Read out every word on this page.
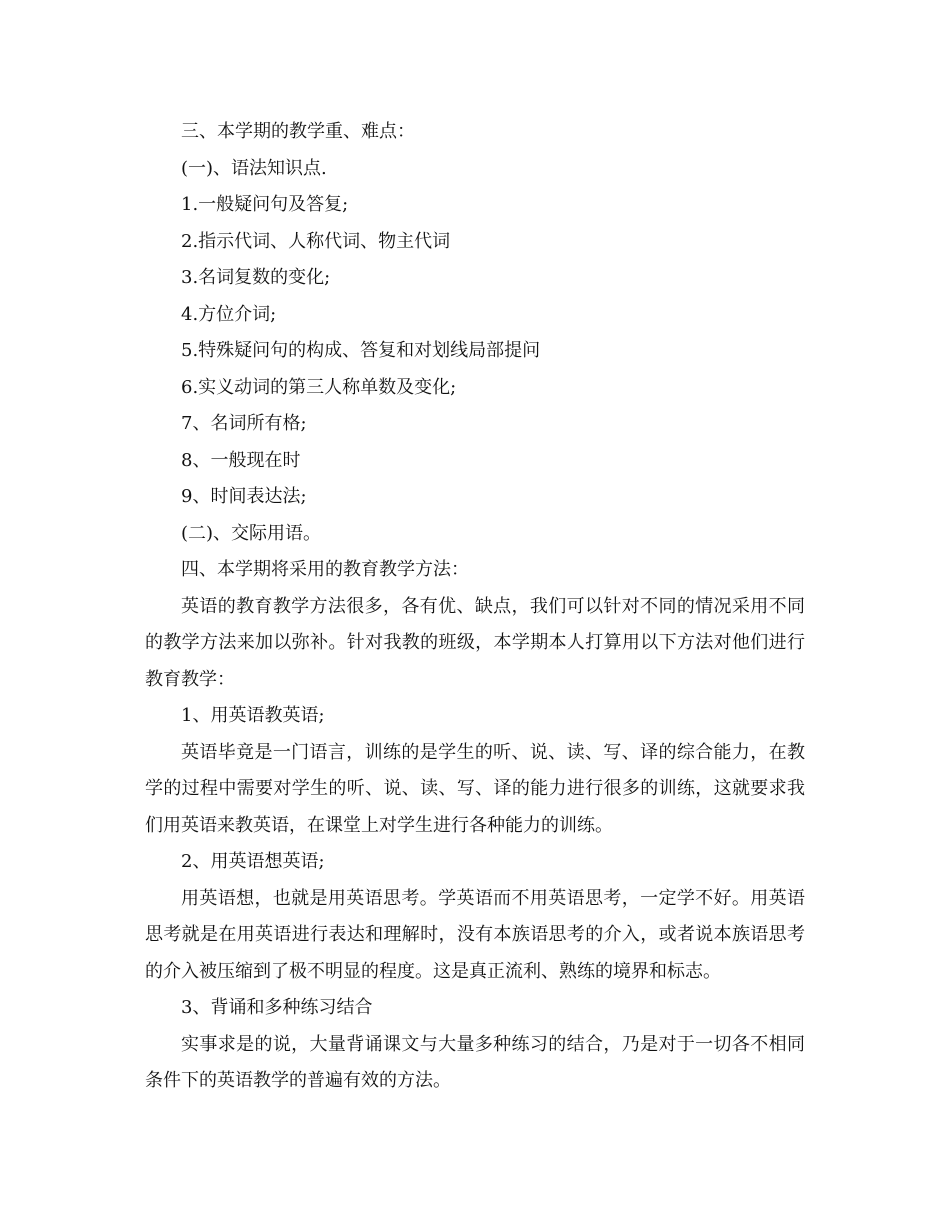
三、本学期的教学重、难点：

(一)、语法知识点.

1.一般疑问句及答复;

2.指示代词、人称代词、物主代词

3.名词复数的变化;

4.方位介词;

5.特殊疑问句的构成、答复和对划线局部提问

6.实义动词的第三人称单数及变化;

7、名词所有格;

8、一般现在时

9、时间表达法;

(二)、交际用语。

四、本学期将采用的教育教学方法：

英语的教育教学方法很多，各有优、缺点，我们可以针对不同的情况采用不同的教学方法来加以弥补。针对我教的班级，本学期本人打算用以下方法对他们进行教育教学：

1、用英语教英语;

英语毕竟是一门语言，训练的是学生的听、说、读、写、译的综合能力，在教学的过程中需要对学生的听、说、读、写、译的能力进行很多的训练，这就要求我们用英语来教英语，在课堂上对学生进行各种能力的训练。

2、用英语想英语;

用英语想，也就是用英语思考。学英语而不用英语思考，一定学不好。用英语思考就是在用英语进行表达和理解时，没有本族语思考的介入，或者说本族语思考的介入被压缩到了极不明显的程度。这是真正流利、熟练的境界和标志。

3、背诵和多种练习结合

实事求是的说，大量背诵课文与大量多种练习的结合，乃是对于一切各不相同条件下的英语教学的普遍有效的方法。
